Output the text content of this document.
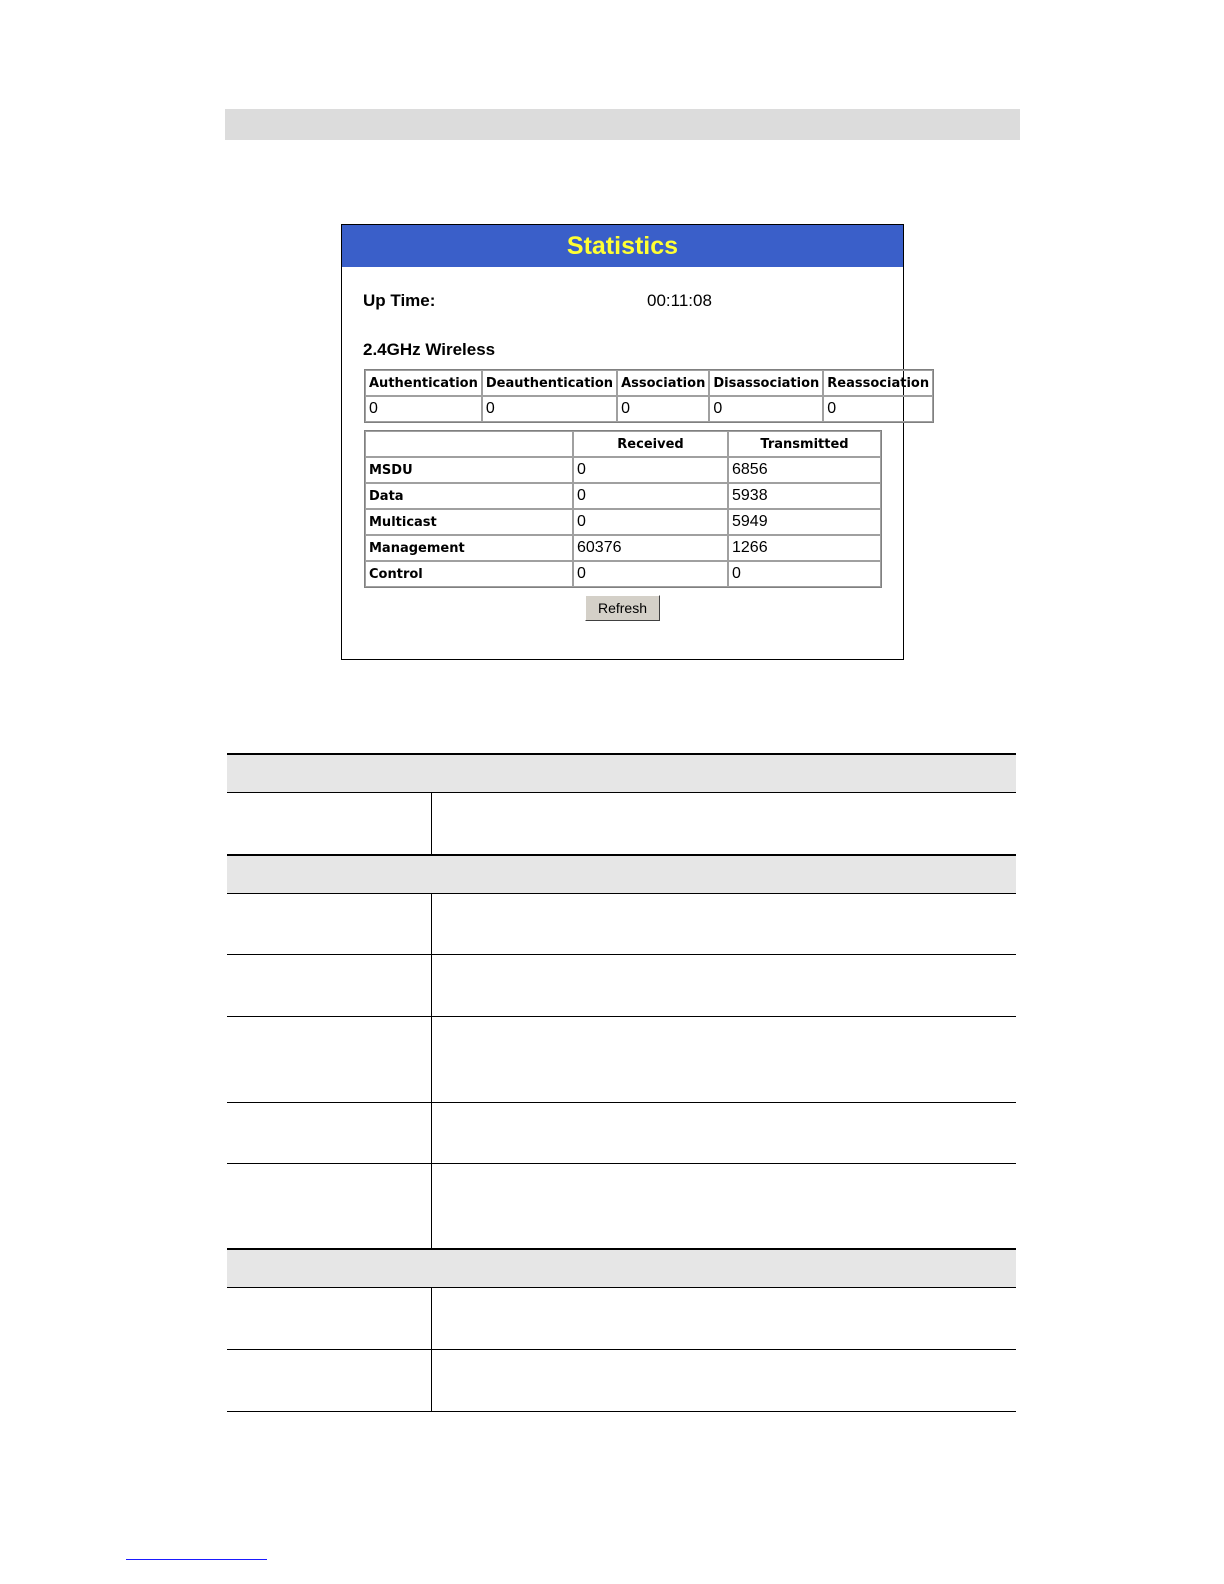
Statistics
Up Time:	00:11:08
2.4GHz Wireless
Authentication	Deauthentication	Association	Disassociation	Reassociation
0	0	0	0	0
	Received	Transmitted
MSDU	0	6856
Data	0	5938
Multicast	0	5949
Management	60376	1266
Control	0	0
Refresh
